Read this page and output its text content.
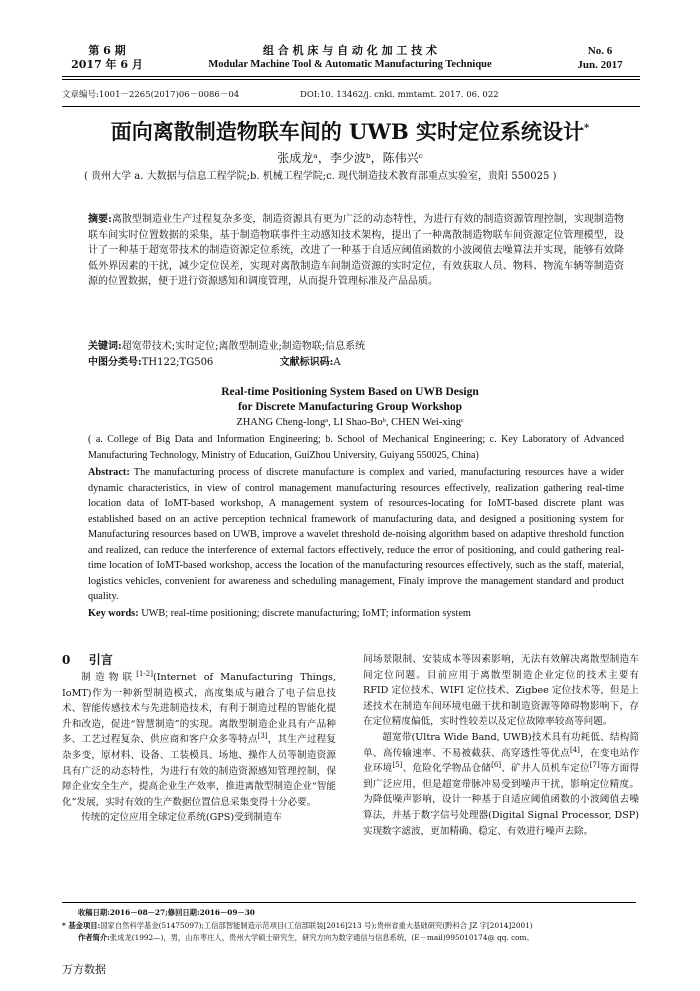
第 6 期
2017 年 6 月
组 合 机 床 与 自 动 化 加 工 技 术
Modular Machine Tool & Automatic Manufacturing Technique
No. 6
Jun. 2017
文章编号:1001－2265(2017)06－0086－04	DOI:10. 13462/j. cnki. mmtamt. 2017. 06. 022
面向离散制造物联车间的 UWB 实时定位系统设计*
张成龙ᵃ，李少波ᵇ，陈伟兴ᶜ
( 贵州大学 a. 大数据与信息工程学院;b. 机械工程学院;c. 现代制造技术教育部重点实验室，贵阳 550025 )
摘要:离散型制造业生产过程复杂多变，制造资源具有更为广泛的动态特性，为进行有效的制造资源管理控制，实现制造物联车间实时位置数据的采集，基于制造物联事件主动感知技术架构，提出了一种离散制造物联车间资源定位管理模型，设计了一种基于超宽带技术的制造资源定位系统，改进了一种基于自适应阈值函数的小波阈值去噪算法并实现，能够有效降低外界因素的干扰，减少定位误差，实现对离散制造车间制造资源的实时定位，有效获取人员、物料、物流车辆等制造资源的位置数据，便于进行资源感知和调度管理，从而提升管理标准及产品品质。
关键词:超宽带技术;实时定位;离散型制造业;制造物联;信息系统
中图分类号:TH122;TG506	文献标识码:A
Real-time Positioning System Based on UWB Design
for Discrete Manufacturing Group Workshop
ZHANG Cheng-longᵃ, LI Shao-Boᵇ, CHEN Wei-xingᶜ
( a. College of Big Data and Information Engineering; b. School of Mechanical Engineering; c. Key Laboratory of Advanced Manufacturing Technology, Ministry of Education, GuiZhou University, Guiyang 550025, China)
Abstract: The manufacturing process of discrete manufacture is complex and varied, manufacturing resources have a wider dynamic characteristics, in view of control management manufacturing resources effectively, realization gathering real-time location data of IoMT-based workshop, A management system of resources-locating for IoMT-based discrete plant was established based on an active perception technical framework of manufacturing data, and designed a positioning system for Manufacturing resources based on UWB, improve a wavelet threshold de-noising algorithm based on adaptive threshold function and realized, can reduce the interference of external factors effectively, reduce the error of positioning, and could gathering real-time location of IoMT-based workshop, access the location of the manufacturing resources effectively, such as the staff, material, logistics vehicles, convenient for awareness and scheduling management, Finaly improve the management standard and product quality.
Key words: UWB; real-time positioning; discrete manufacturing; IoMT; information system
0 引言

制造物联[1-2](Internet of Manufacturing Things, IoMT)作为一种新型制造模式，高度集成与融合了电子信息技术、智能传感技术与先进制造技术，有利于制造过程的智能化提升和改造，促进“智慧制造”的实现。离散型制造企业具有产品种多、工艺过程复杂、供应商和客户众多等特点[3]，其生产过程复杂多变，原材料、设备、工装模具、场地、操作人员等制造资源具有广泛的动态特性，为进行有效的制造资源感知管理控制，保障企业安全生产，提高企业生产效率，推进离散型制造企业“智能化”发展，实时有效的生产数据位置信息采集变得十分必要。

传统的定位应用全球定位系统(GPS)受到制造车

间场景限制、安装成本等因素影响，无法有效解决离散型制造车间定位问题。目前应用于离散型制造企业定位的技术主要有 RFID 定位技术、WIFI 定位技术、Zigbee 定位技术等，但是上述技术在制造车间环境电磁干扰和制造资源等障碍物影响下，存在定位精度偏低，实时性较差以及定位故障率较高等问题。

超宽带(Ultra Wide Band, UWB)技术具有功耗低、结构简单、高传输速率、不易被截获、高穿透性等优点[4]，在变电站作业环境[5]、危险化学物品仓储[6]、矿井人员机车定位[7]等方面得到广泛应用，但是超宽带脉冲易受到噪声干扰，影响定位精度。为降低噪声影响，设计一种基于自适应阈值函数的小波阈值去噪算法，并基于数字信号处理器(Digital Signal Processor, DSP)实现数字滤波，更加精确、稳定、有效进行噪声去除。

收稿日期:2016－08－27;修回日期:2016－09－30
* 基金项目:国家自然科学基金(51475097);工信部智能制造示范项目(工信部联装[2016]213 号);贵州省重大基础研究(黔科合 JZ 字[2014]2001)
作者简介:张成龙(1992—)，男，山东枣庄人，贵州大学硕士研究生，研究方向为数字通信与信息系统，(E－mail)995010174@ qq. com。
万方数据
